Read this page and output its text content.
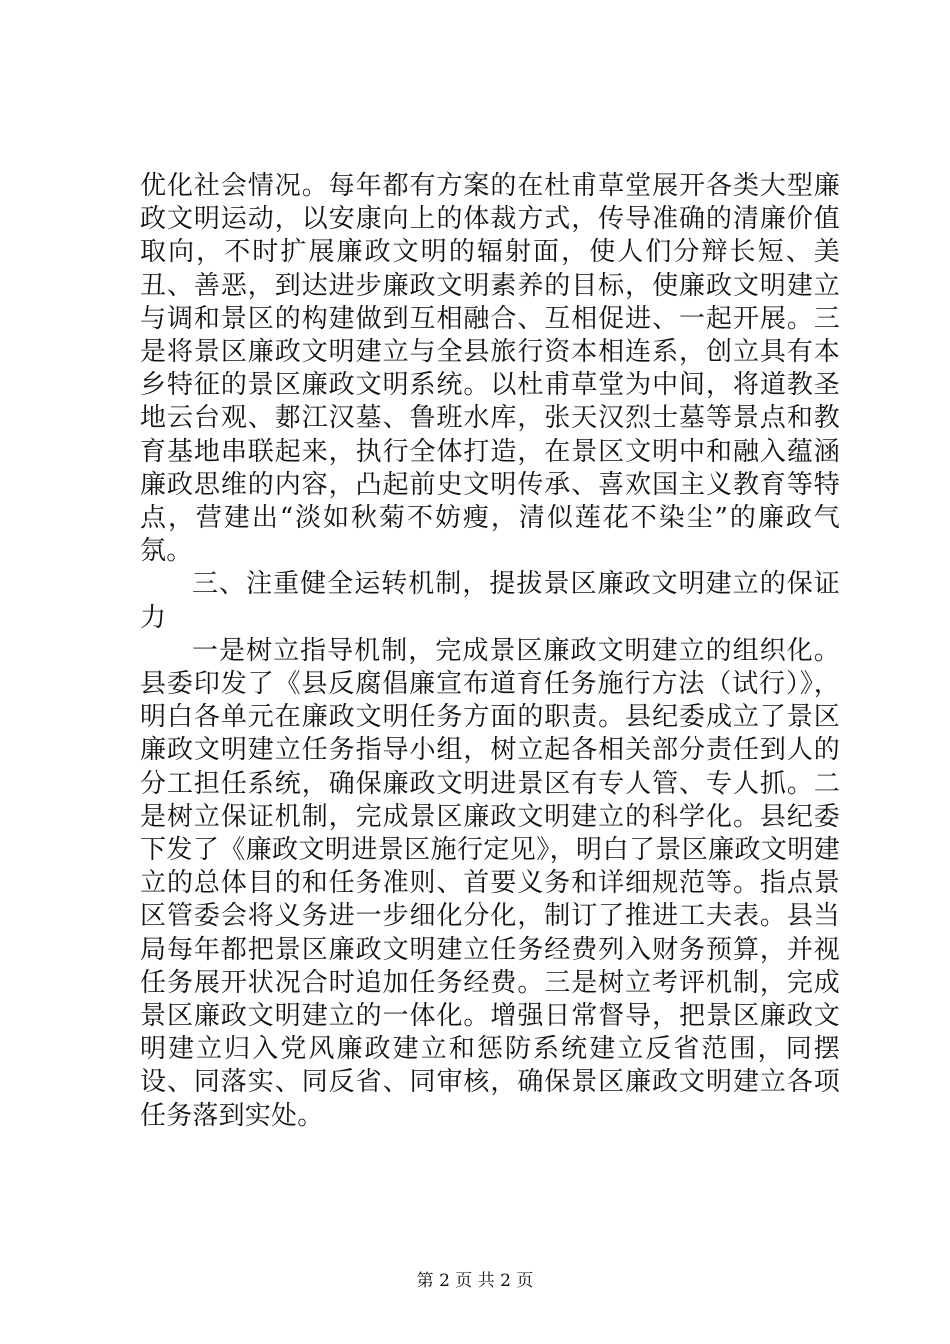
优化社会情况。每年都有方案的在杜甫草堂展开各类大型廉政文明运动，以安康向上的体裁方式，传导准确的清廉价值取向，不时扩展廉政文明的辐射面，使人们分辩长短、美丑、善恶，到达进步廉政文明素养的目标，使廉政文明建立与调和景区的构建做到互相融合、互相促进、一起开展。三是将景区廉政文明建立与全县旅行资本相连系，创立具有本乡特征的景区廉政文明系统。以杜甫草堂为中间，将道教圣地云台观、郪江汉墓、鲁班水库，张天汉烈士墓等景点和教育基地串联起来，执行全体打造，在景区文明中和融入蕴涵廉政思维的内容，凸起前史文明传承、喜欢国主义教育等特点，营建出“淡如秋菊不妨瘦，清似莲花不染尘”的廉政气氛。

三、注重健全运转机制，提拔景区廉政文明建立的保证力

一是树立指导机制，完成景区廉政文明建立的组织化。县委印发了《县反腐倡廉宣布道育任务施行方法（试行）》，明白各单元在廉政文明任务方面的职责。县纪委成立了景区廉政文明建立任务指导小组，树立起各相关部分责任到人的分工担任系统，确保廉政文明进景区有专人管、专人抓。二是树立保证机制，完成景区廉政文明建立的科学化。县纪委下发了《廉政文明进景区施行定见》，明白了景区廉政文明建立的总体目的和任务准则、首要义务和详细规范等。指点景区管委会将义务进一步细化分化，制订了推进工夫表。县当局每年都把景区廉政文明建立任务经费列入财务预算，并视任务展开状况合时追加任务经费。三是树立考评机制，完成景区廉政文明建立的一体化。增强日常督导，把景区廉政文明建立归入党风廉政建立和惩防系统建立反省范围，同摆设、同落实、同反省、同审核，确保景区廉政文明建立各项任务落到实处。

第 2 页 共 2 页
